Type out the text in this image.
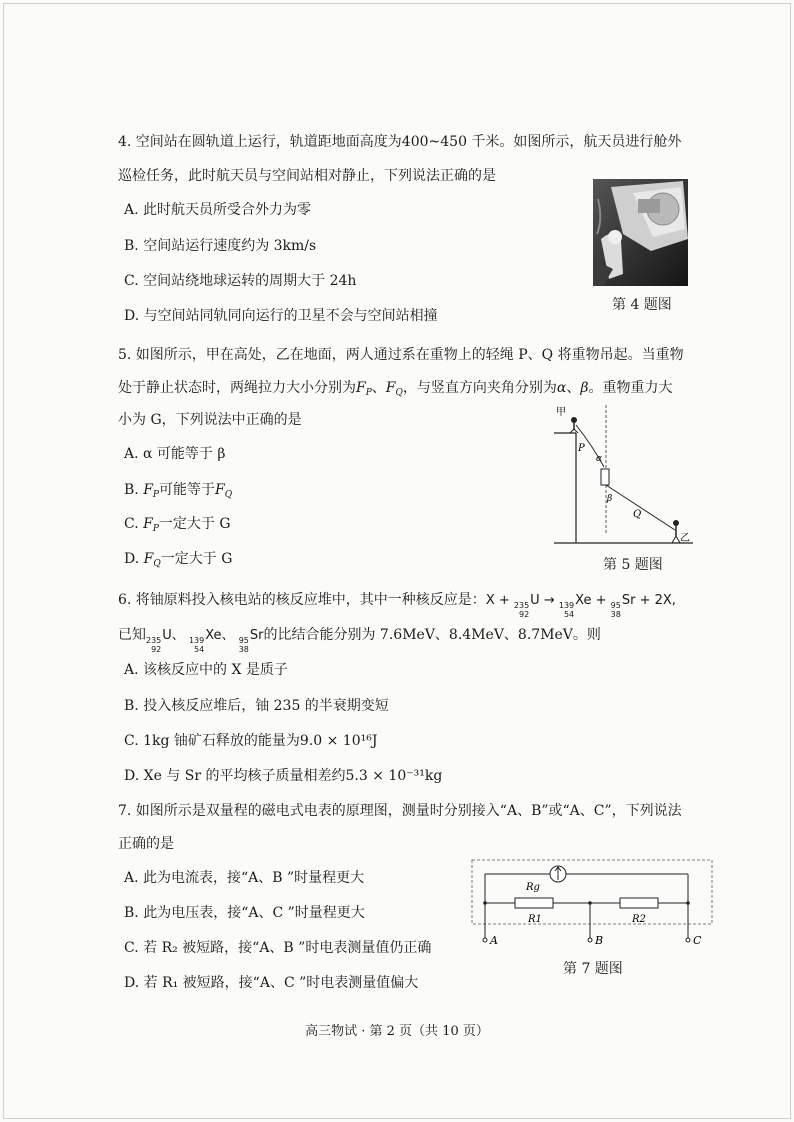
4. 空间站在圆轨道上运行，轨道距地面高度为400~450 千米。如图所示，航天员进行舱外
巡检任务，此时航天员与空间站相对静止，下列说法正确的是
A. 此时航天员所受合外力为零
B. 空间站运行速度约为 3km/s
C. 空间站绕地球运转的周期大于 24h
D. 与空间站同轨同向运行的卫星不会与空间站相撞
第 4 题图
5. 如图所示，甲在高处，乙在地面，两人通过系在重物上的轻绳 P、Q 将重物吊起。当重物
处于静止状态时，两绳拉力大小分别为$F_P$、$F_Q$，与竖直方向夹角分别为α、β。重物重力大
小为 G，下列说法中正确的是
A. α 可能等于 β
B. $F_P$可能等于$F_Q$
C. $F_P$一定大于 G
D. $F_Q$一定大于 G
甲
P
α
β
Q
乙
第 5 题图
6. 将铀原料投入核电站的核反应堆中，其中一种核反应是：X + 235
92
U → 139
54
Xe + 95
38
Sr + 2X,
已知 235
92
U、 139
54
Xe、 95
38
Sr的比结合能分别为 7.6MeV、8.4MeV、8.7MeV。则
A. 该核反应中的 X 是质子
B. 投入核反应堆后，铀 235 的半衰期变短
C. 1kg 铀矿石释放的能量为9.0 × 10¹⁶J
D. Xe 与 Sr 的平均核子质量相差约5.3 × 10⁻³¹kg
7. 如图所示是双量程的磁电式电表的原理图，测量时分别接入“A、B”或“A、C”，下列说法
正确的是
A. 此为电流表，接“A、B ”时量程更大
B. 此为电压表，接“A、C ”时量程更大
C. 若 R₂ 被短路，接“A、B ”时电表测量值仍正确
D. 若 R₁ 被短路，接“A、C ”时电表测量值偏大
Rg
R1	R2
A	B	C
第 7 题图
高三物试 · 第 2 页（共 10 页）
